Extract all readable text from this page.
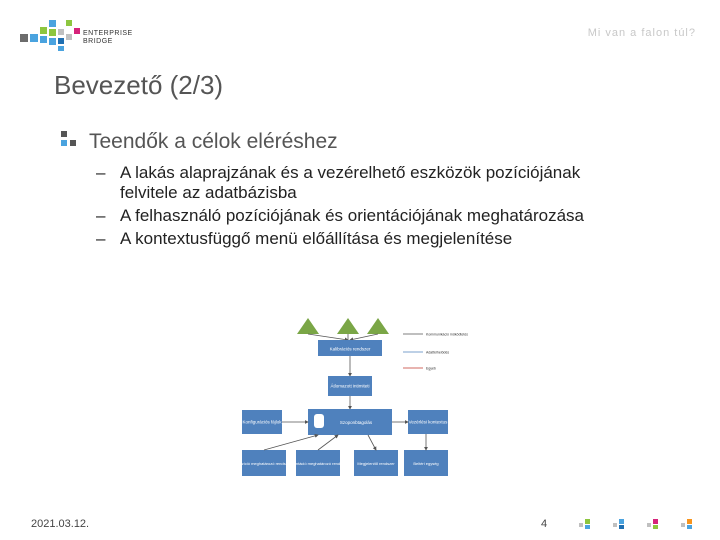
ENTERPRISE
BRIDGE
Mi van a falon túl?
Bevezető (2/3)
Teendők a célok eléréshez
– A lakás alaprajzának és a vezérelhető eszközök pozíciójának felvitele az adatbázisba
– A felhasználó pozíciójának és orientációjának meghatározása
– A kontextusfüggő menü előállítása és megjelenítése
Kalibrációs rendszer
Átlomazott intimiteti
Szoponbtagolás
Konfigurációs fájlok	Vezérlési kontextus
Pozíció meghatározó rendszer
Orientáció meghatározó rendszer Megjelenítő rendszer	Beltéri egység
Kommunikáció működtetés
Adatfelhelödés
Egyéb
2021.03.12.	4
